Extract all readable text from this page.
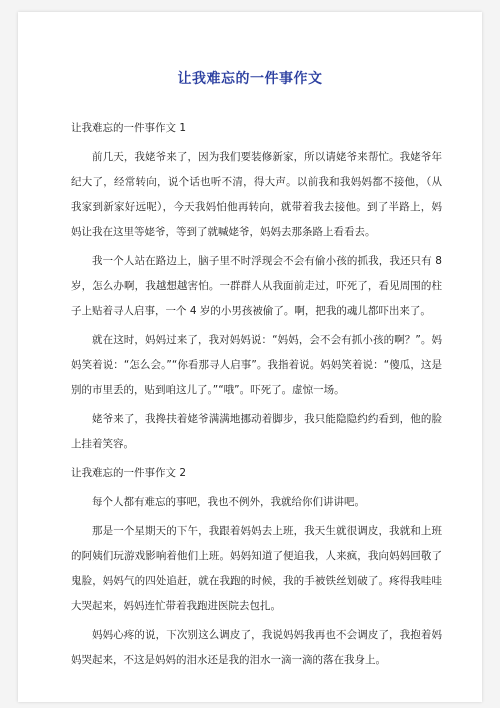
让我难忘的一件事作文
让我难忘的一件事作文 1

前几天，我姥爷来了，因为我们要装修新家，所以请姥爷来帮忙。我姥爷年纪大了，经常转向，说个话也听不清，得大声。以前我和我妈妈都不接他，（从我家到新家好远呢），今天我妈怕他再转向，就带着我去接他。到了半路上，妈妈让我在这里等姥爷，等到了就喊姥爷，妈妈去那条路上看看去。

我一个人站在路边上，脑子里不时浮现会不会有偷小孩的抓我，我还只有 8 岁，怎么办啊，我越想越害怕。一群群人从我面前走过，吓死了，看见周围的柱子上贴着寻人启事，一个 4 岁的小男孩被偷了。啊，把我的魂儿都吓出来了。

就在这时，妈妈过来了，我对妈妈说：“妈妈，会不会有抓小孩的啊？”。妈妈笑着说：“怎么会。”“你看那寻人启事”。我指着说。妈妈笑着说：“傻瓜，这是别的市里丢的，贴到咱这儿了。”“哦”。吓死了。虚惊一场。

姥爷来了，我搀扶着姥爷满满地挪动着脚步，我只能隐隐约约看到，他的脸上挂着笑容。

让我难忘的一件事作文 2

每个人都有难忘的事吧，我也不例外，我就给你们讲讲吧。

那是一个星期天的下午，我跟着妈妈去上班，我天生就很调皮，我就和上班的阿姨们玩游戏影响着他们上班。妈妈知道了便追我，人来疯，我向妈妈回敬了鬼脸，妈妈气的四处追赶，就在我跑的时候，我的手被铁丝划破了。疼得我哇哇大哭起来，妈妈连忙带着我跑进医院去包扎。

妈妈心疼的说，下次别这么调皮了，我说妈妈我再也不会调皮了，我抱着妈妈哭起来，不这是妈妈的泪水还是我的泪水一滴一滴的落在我身上。
